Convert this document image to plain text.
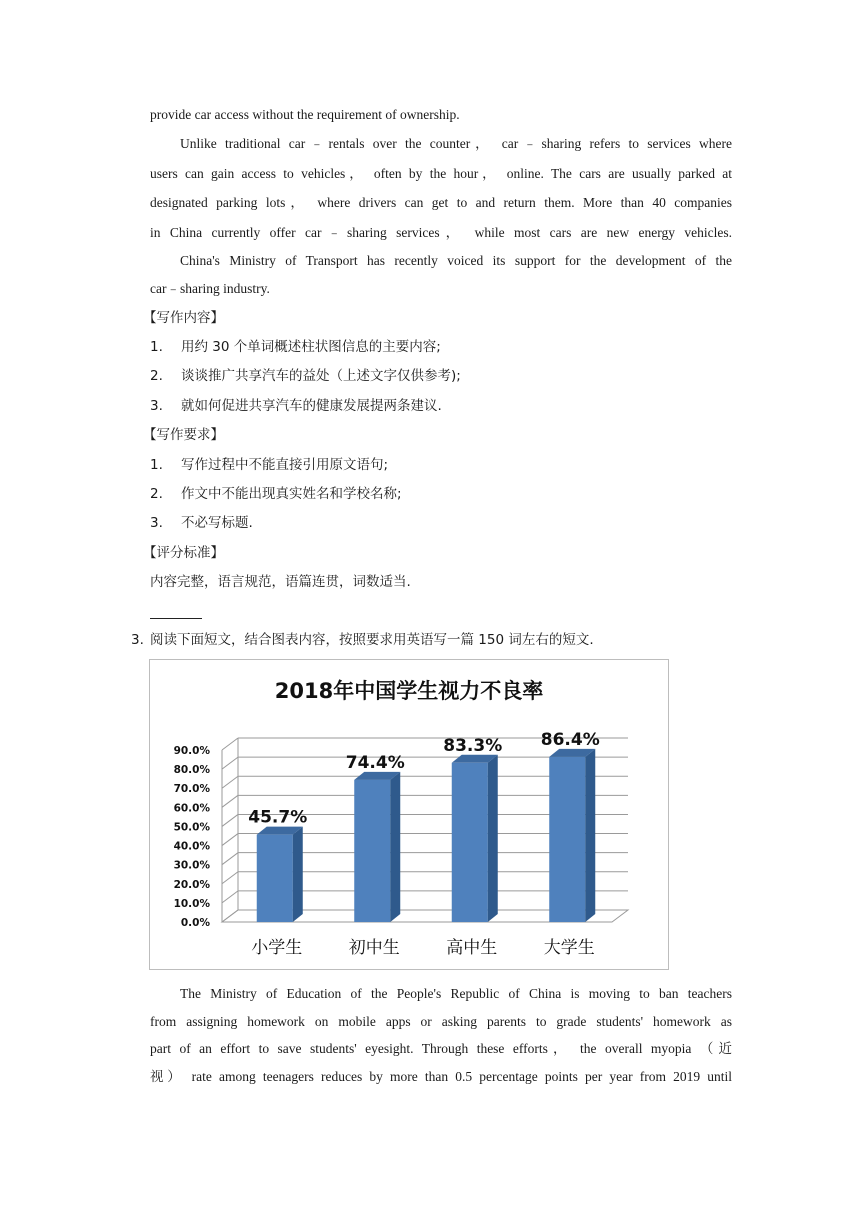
provide car access without the requirement of ownership.
Unlike traditional car﹣rentals over the counter， car﹣sharing refers to services where
users can gain access to vehicles， often by the hour， online. The cars are usually parked at
designated parking lots， where drivers can get to and return them. More than 40 companies
in China currently offer car﹣sharing services， while most cars are new energy vehicles.
China's Ministry of Transport has recently voiced its support for the development of the
car﹣sharing industry.
【写作内容】
1. 用约 30 个单词概述柱状图信息的主要内容;
2. 谈谈推广共享汽车的益处（上述文字仅供参考);
3. 就如何促进共享汽车的健康发展提两条建议.
【写作要求】
1. 写作过程中不能直接引用原文语句;
2. 作文中不能出现真实姓名和学校名称;
3. 不必写标题.
【评分标准】
内容完整，语言规范，语篇连贯，词数适当.
3. 阅读下面短文，结合图表内容，按照要求用英语写一篇 150 词左右的短文.
2018年中国学生视力不良率
0.0%
10.0%
20.0%
30.0%
40.0%
50.0%
60.0%
70.0%
80.0%
90.0%
45.7%
小学生
74.4%
初中生
83.3%
高中生
86.4%
大学生
The Ministry of Education of the People's Republic of China is moving to ban teachers
from assigning homework on mobile apps or asking parents to grade students' homework as
part of an effort to save students' eyesight. Through these efforts， the overall myopia （近
视） rate among teenagers reduces by more than 0.5 percentage points per year from 2019 until
